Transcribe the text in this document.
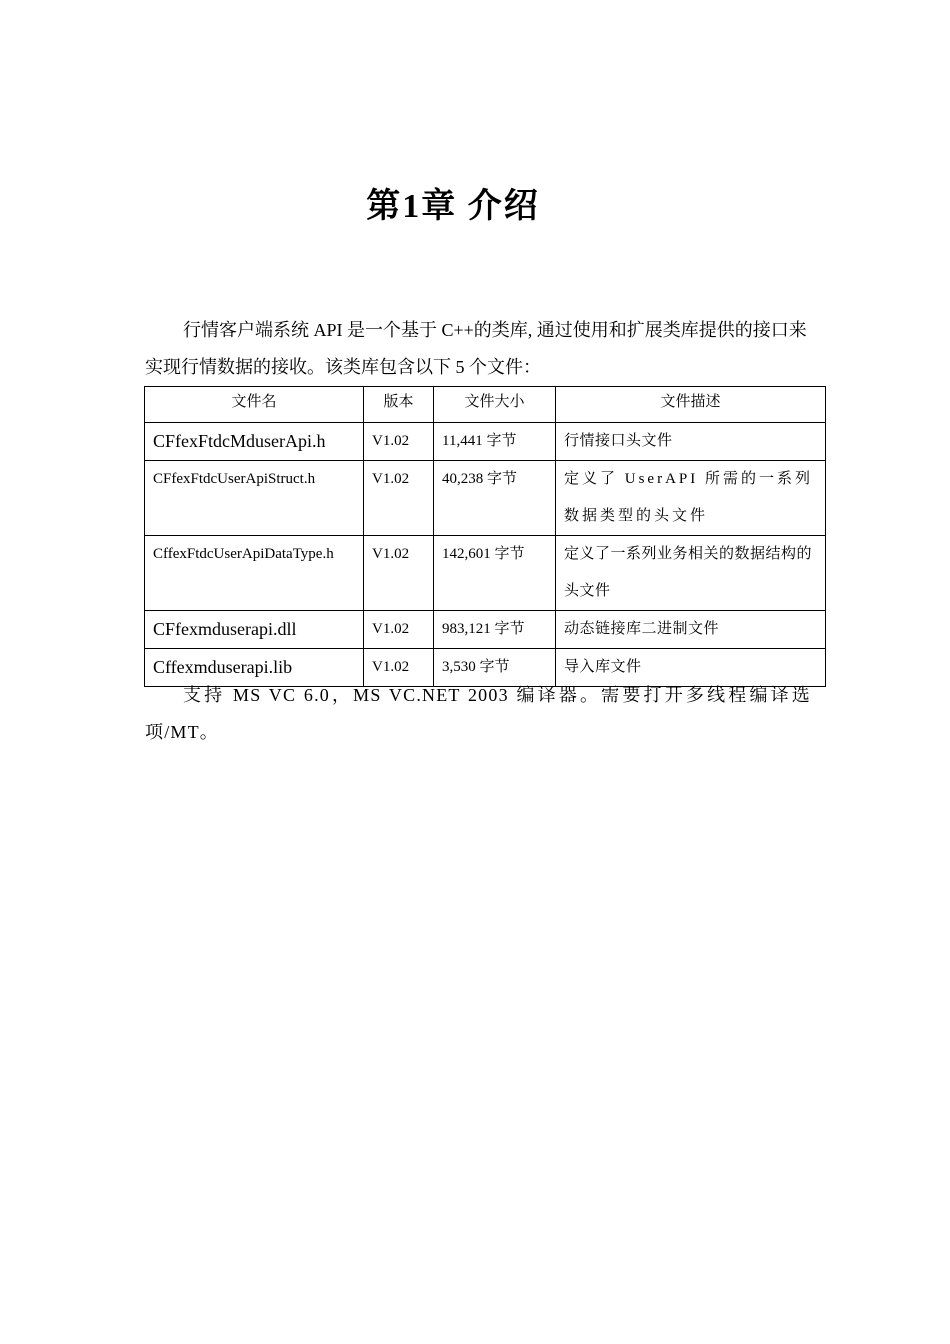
第1章 介绍

行情客户端系统 API 是一个基于 C++的类库, 通过使用和扩展类库提供的接口来实现行情数据的接收。该类库包含以下 5 个文件：

文件名	版本	文件大小	文件描述
CFfexFtdcMduserApi.h	V1.02	11,441 字节	行情接口头文件
CFfexFtdcUserApiStruct.h	V1.02	40,238 字节	定义了 UserAPI 所需的一系列数据类型的头文件
CffexFtdcUserApiDataType.h	V1.02	142,601 字节	定义了一系列业务相关的数据结构的头文件
CFfexmduserapi.dll	V1.02	983,121 字节	动态链接库二进制文件
Cffexmduserapi.lib	V1.02	3,530 字节	导入库文件

支持 MS VC 6.0，MS VC.NET 2003 编译器。需要打开多线程编译选项/MT。
